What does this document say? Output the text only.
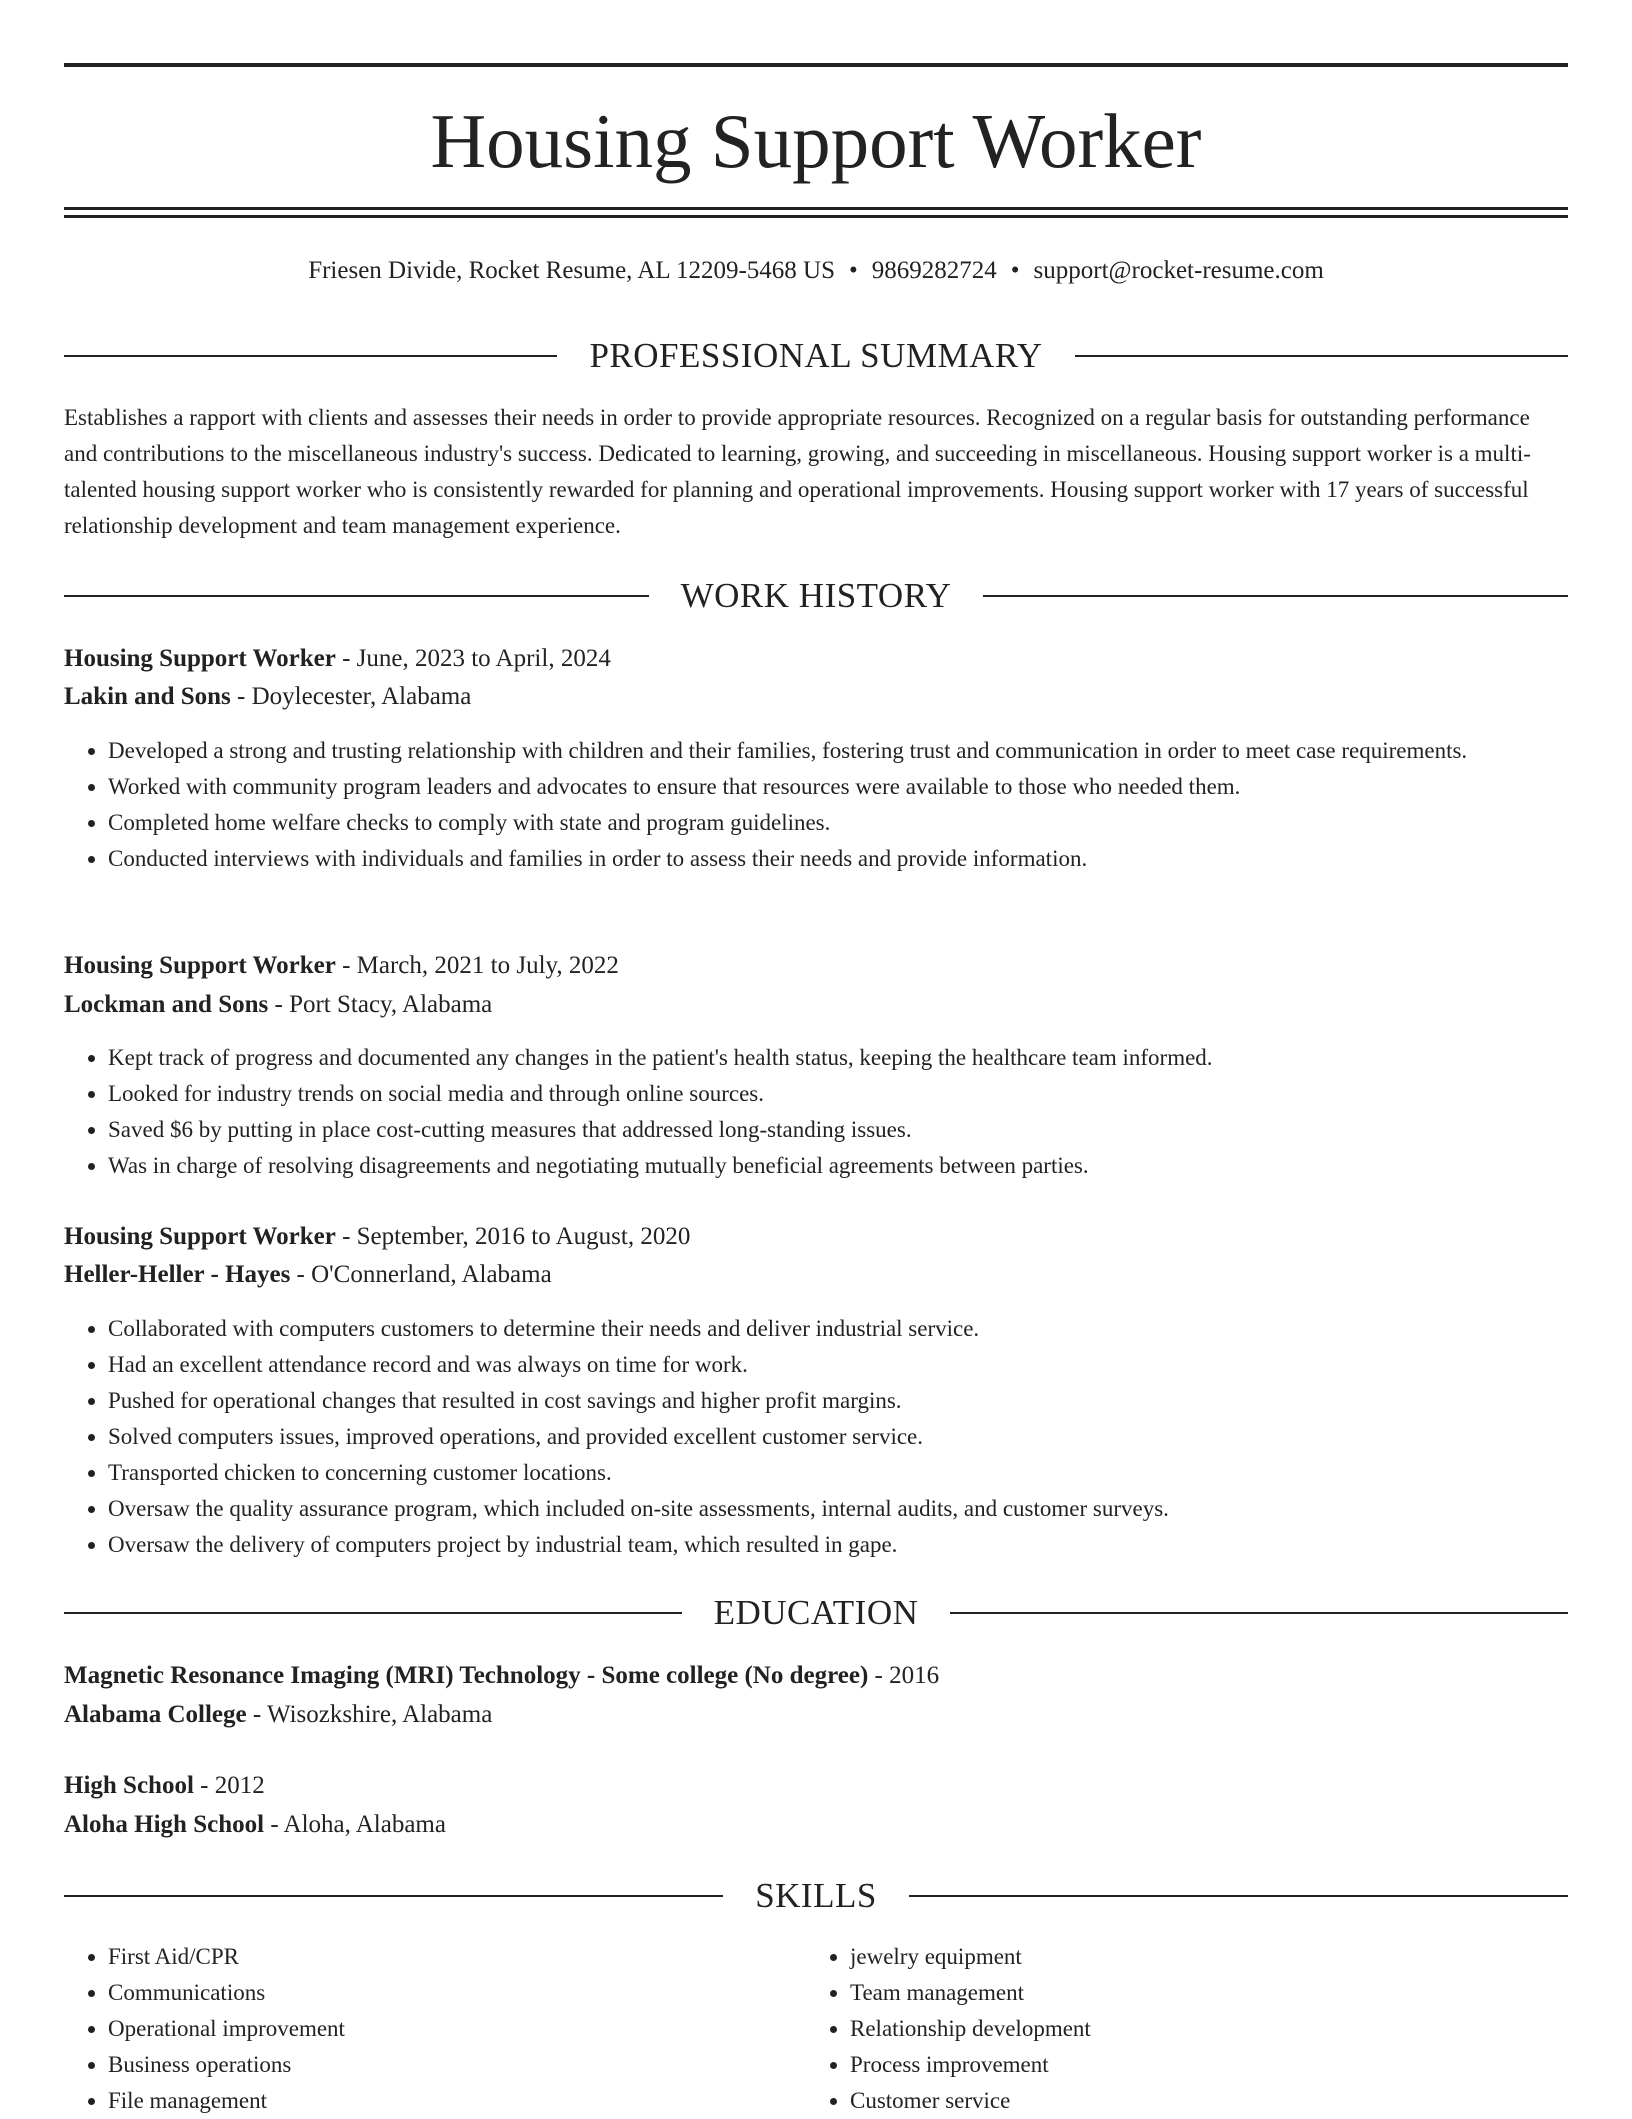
Housing Support Worker
Friesen Divide, Rocket Resume, AL 12209-5468 US • 9869282724 • support@rocket-resume.com
PROFESSIONAL SUMMARY

Establishes a rapport with clients and assesses their needs in order to provide appropriate resources. Recognized on a regular basis for outstanding performance and contributions to the miscellaneous industry's success. Dedicated to learning, growing, and succeeding in miscellaneous. Housing support worker is a multi-talented housing support worker who is consistently rewarded for planning and operational improvements. Housing support worker with 17 years of successful relationship development and team management experience.

WORK HISTORY
Housing Support Worker - June, 2023 to April, 2024
Lakin and Sons - Doylecester, Alabama
• Developed a strong and trusting relationship with children and their families, fostering trust and communication in order to meet case requirements.
• Worked with community program leaders and advocates to ensure that resources were available to those who needed them.
• Completed home welfare checks to comply with state and program guidelines.
• Conducted interviews with individuals and families in order to assess their needs and provide information.
Housing Support Worker - March, 2021 to July, 2022
Lockman and Sons - Port Stacy, Alabama
• Kept track of progress and documented any changes in the patient's health status, keeping the healthcare team informed.
• Looked for industry trends on social media and through online sources.
• Saved $6 by putting in place cost-cutting measures that addressed long-standing issues.
• Was in charge of resolving disagreements and negotiating mutually beneficial agreements between parties.
Housing Support Worker - September, 2016 to August, 2020
Heller-Heller - Hayes - O'Connerland, Alabama
• Collaborated with computers customers to determine their needs and deliver industrial service.
• Had an excellent attendance record and was always on time for work.
• Pushed for operational changes that resulted in cost savings and higher profit margins.
• Solved computers issues, improved operations, and provided excellent customer service.
• Transported chicken to concerning customer locations.
• Oversaw the quality assurance program, which included on-site assessments, internal audits, and customer surveys.
• Oversaw the delivery of computers project by industrial team, which resulted in gape.
EDUCATION
Magnetic Resonance Imaging (MRI) Technology - Some college (No degree) - 2016
Alabama College - Wisozkshire, Alabama
High School - 2012
Aloha High School - Aloha, Alabama
SKILLS
• First Aid/CPR
• Communications
• Operational improvement
• Business operations
• File management
• jewelry equipment
• Team management
• Relationship development
• Process improvement
• Customer service
